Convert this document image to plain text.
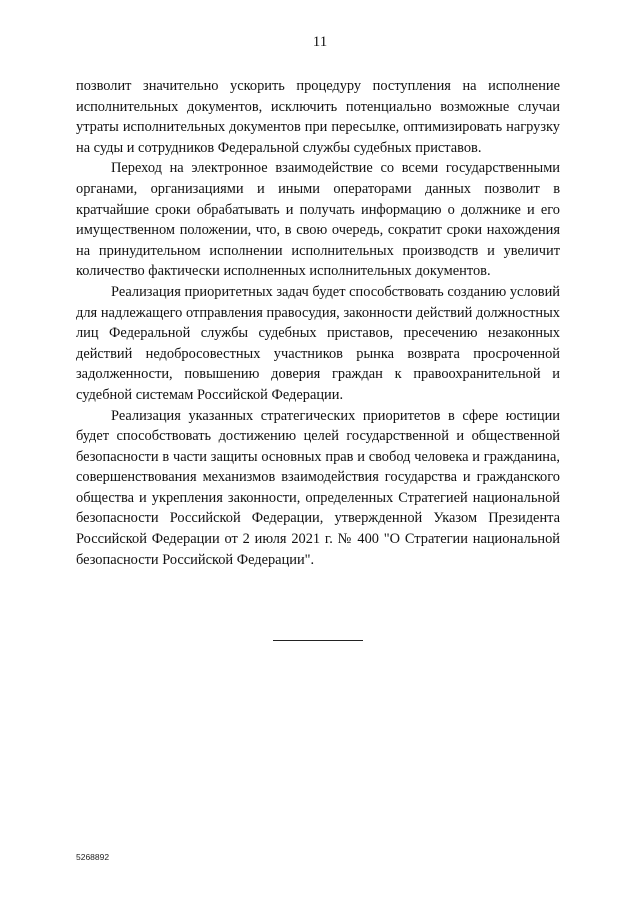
11

позволит значительно ускорить процедуру поступления на исполнение исполнительных документов, исключить потенциально возможные случаи утраты исполнительных документов при пересылке, оптимизировать нагрузку на суды и сотрудников Федеральной службы судебных приставов.

Переход на электронное взаимодействие со всеми государственными органами, организациями и иными операторами данных позволит в кратчайшие сроки обрабатывать и получать информацию о должнике и его имущественном положении, что, в свою очередь, сократит сроки нахождения на принудительном исполнении исполнительных производств и увеличит количество фактически исполненных исполнительных документов.

Реализация приоритетных задач будет способствовать созданию условий для надлежащего отправления правосудия, законности действий должностных лиц Федеральной службы судебных приставов, пресечению незаконных действий недобросовестных участников рынка возврата просроченной задолженности, повышению доверия граждан к правоохранительной и судебной системам Российской Федерации.

Реализация указанных стратегических приоритетов в сфере юстиции будет способствовать достижению целей государственной и общественной безопасности в части защиты основных прав и свобод человека и гражданина, совершенствования механизмов взаимодействия государства и гражданского общества и укрепления законности, определенных Стратегией национальной безопасности Российской Федерации, утвержденной Указом Президента Российской Федерации от 2 июля 2021 г. № 400 "О Стратегии национальной безопасности Российской Федерации".

5268892
